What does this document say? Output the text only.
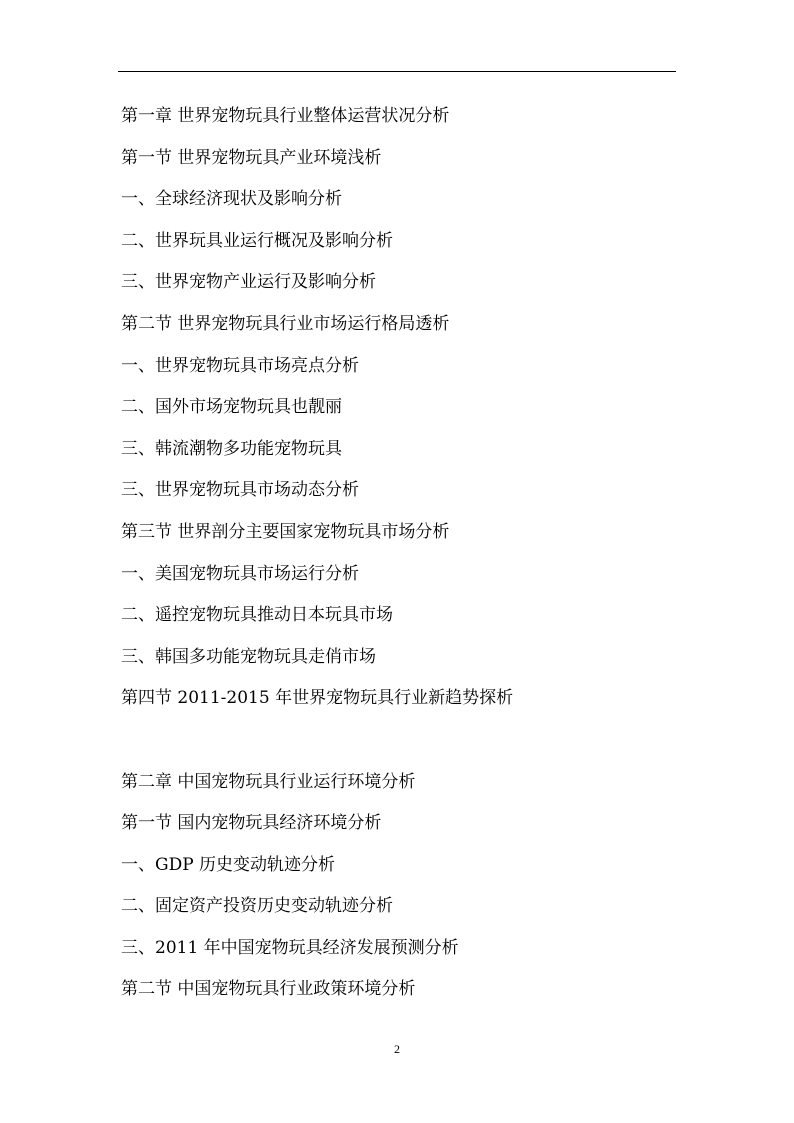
第一章 世界宠物玩具行业整体运营状况分析
第一节 世界宠物玩具产业环境浅析
一、全球经济现状及影响分析
二、世界玩具业运行概况及影响分析
三、世界宠物产业运行及影响分析
第二节 世界宠物玩具行业市场运行格局透析
一、世界宠物玩具市场亮点分析
二、国外市场宠物玩具也靓丽
三、韩流潮物多功能宠物玩具
三、世界宠物玩具市场动态分析
第三节 世界剖分主要国家宠物玩具市场分析
一、美国宠物玩具市场运行分析
二、遥控宠物玩具推动日本玩具市场
三、韩国多功能宠物玩具走俏市场
第四节 2011-2015 年世界宠物玩具行业新趋势探析
第二章 中国宠物玩具行业运行环境分析
第一节 国内宠物玩具经济环境分析
一、GDP 历史变动轨迹分析
二、固定资产投资历史变动轨迹分析
三、2011 年中国宠物玩具经济发展预测分析
第二节 中国宠物玩具行业政策环境分析
2
